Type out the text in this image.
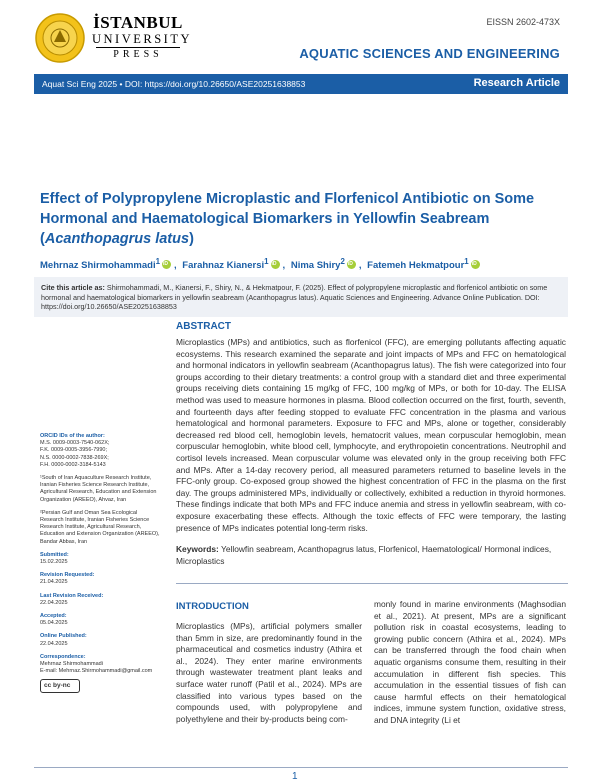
İSTANBUL
UNIVERSITY
PRESS
EISSN 2602-473X
AQUATIC SCIENCES AND ENGINEERING
Aquat Sci Eng 2025 • DOI: https://doi.org/10.26650/ASE20251638853	Research Article
Effect of Polypropylene Microplastic and Florfenicol Antibiotic on Some Hormonal and Haematological Biomarkers in Yellowfin Seabream (Acanthopagrus latus)
Mehrnaz Shirmohammadi$^1$ iD , Farahnaz Kianersi$^1$ iD , Nima Shiry$^2$ iD , Fatemeh Hekmatpour$^1$iD
Cite this article as: Shirmohammadi, M., Kianersi, F., Shiry, N., & Hekmatpour, F. (2025). Effect of polypropylene microplastic and florfenicol antibiotic on some hormonal and haematological biomarkers in yellowfin seabream (Acanthopagrus latus). Aquatic Sciences and Engineering. Advance Online Publication. DOI: https://doi.org/10.26650/ASE20251638853
ORCID IDs of the author:
M.S. 0009-0003-7540-062X;
F.K. 0009-0005-3956-7990;
N.S. 0000-0002-7838-269X;
F.H. 0000-0002-3184-5143
¹South of Iran Aquaculture Research Institute, Iranian Fisheries Science Research Institute, Agricultural Research, Education and Extension Organization (AREEO), Ahvaz, Iran
²Persian Gulf and Oman Sea Ecological Research Institute, Iranian Fisheries Science Research Institute, Agricultural Research, Education and Extension Organization (AREEO), Bandar Abbas, Iran
Submitted:
15.02.2025
Revision Requested:
21.04.2025
Last Revision Received:
22.04.2025
Accepted:
05.04.2025
Online Published:
22.04.2025
Correspondence:
Mehrnaz Shirmohammadi
E-mail: Mehrnaz.Shirmohammadi@gmail.com
cc by-nc
ABSTRACT
Microplastics (MPs) and antibiotics, such as florfenicol (FFC), are emerging pollutants affecting aquatic ecosystems. This research examined the separate and joint impacts of MPs and FFC on hematological and hormonal indicators in yellowfin seabream (Acanthopagrus latus). The fish were categorized into four groups according to their dietary treatments: a control group with a standard diet and three experimental groups receiving diets containing 15 mg/kg of FFC, 100 mg/kg of MPs, or both for 10-day. The ELISA method was used to measure hormones in plasma. Blood collection occurred on the first, fourth, seventh, and fourteenth days after feeding stopped to evaluate FFC concentration in the plasma and various hematological and hormonal parameters. Exposure to FFC and MPs, alone or together, considerably decreased red blood cell, hemoglobin levels, hematocrit values, mean corpuscular hemoglobin, mean corpuscular hemoglobin, white blood cell, lymphocyte, and erythropoietin concentrations. Neutrophil and cortisol levels increased. Mean corpuscular volume was elevated only in the group receiving both FFC and MPs. After a 14-day recovery period, all measured parameters returned to baseline levels in the FFC-only group. Co-exposed group showed the highest concentration of FFC in the plasma on the first day. The groups administered MPs, individually or collectively, exhibited a reduction in thyroid hormones. These findings indicate that both MPs and FFC induce anemia and stress in yellowfin seabream, with co-exposure exacerbating these effects. Although the toxic effects of FFC were temporary, the lasting presence of MPs indicates potential long-term risks.
Keywords: Yellowfin seabream, Acanthopagrus latus, Florfenicol, Haematological/ Hormonal indices, Microplastics
INTRODUCTION
Microplastics (MPs), artificial polymers smaller than 5mm in size, are predominantly found in the pharmaceutical and cosmetics industry (Athira et al., 2024). They enter marine environments through wastewater treatment plant leaks and surface water runoff (Patil et al., 2024). MPs are classified into various types based on the compounds used, with polypropylene and polyethylene and their by-products being com-
monly found in marine environments (Maghsodian et al., 2021). At present, MPs are a significant pollution risk in coastal ecosystems, leading to growing public concern (Athira et al., 2024). MPs can be transferred through the food chain when aquatic organisms consume them, resulting in their accumulation in different fish species. This accumulation in the essential tissues of fish can cause harmful effects on their hematological indices, immune system function, oxidative stress, and DNA integrity (Li et
1
